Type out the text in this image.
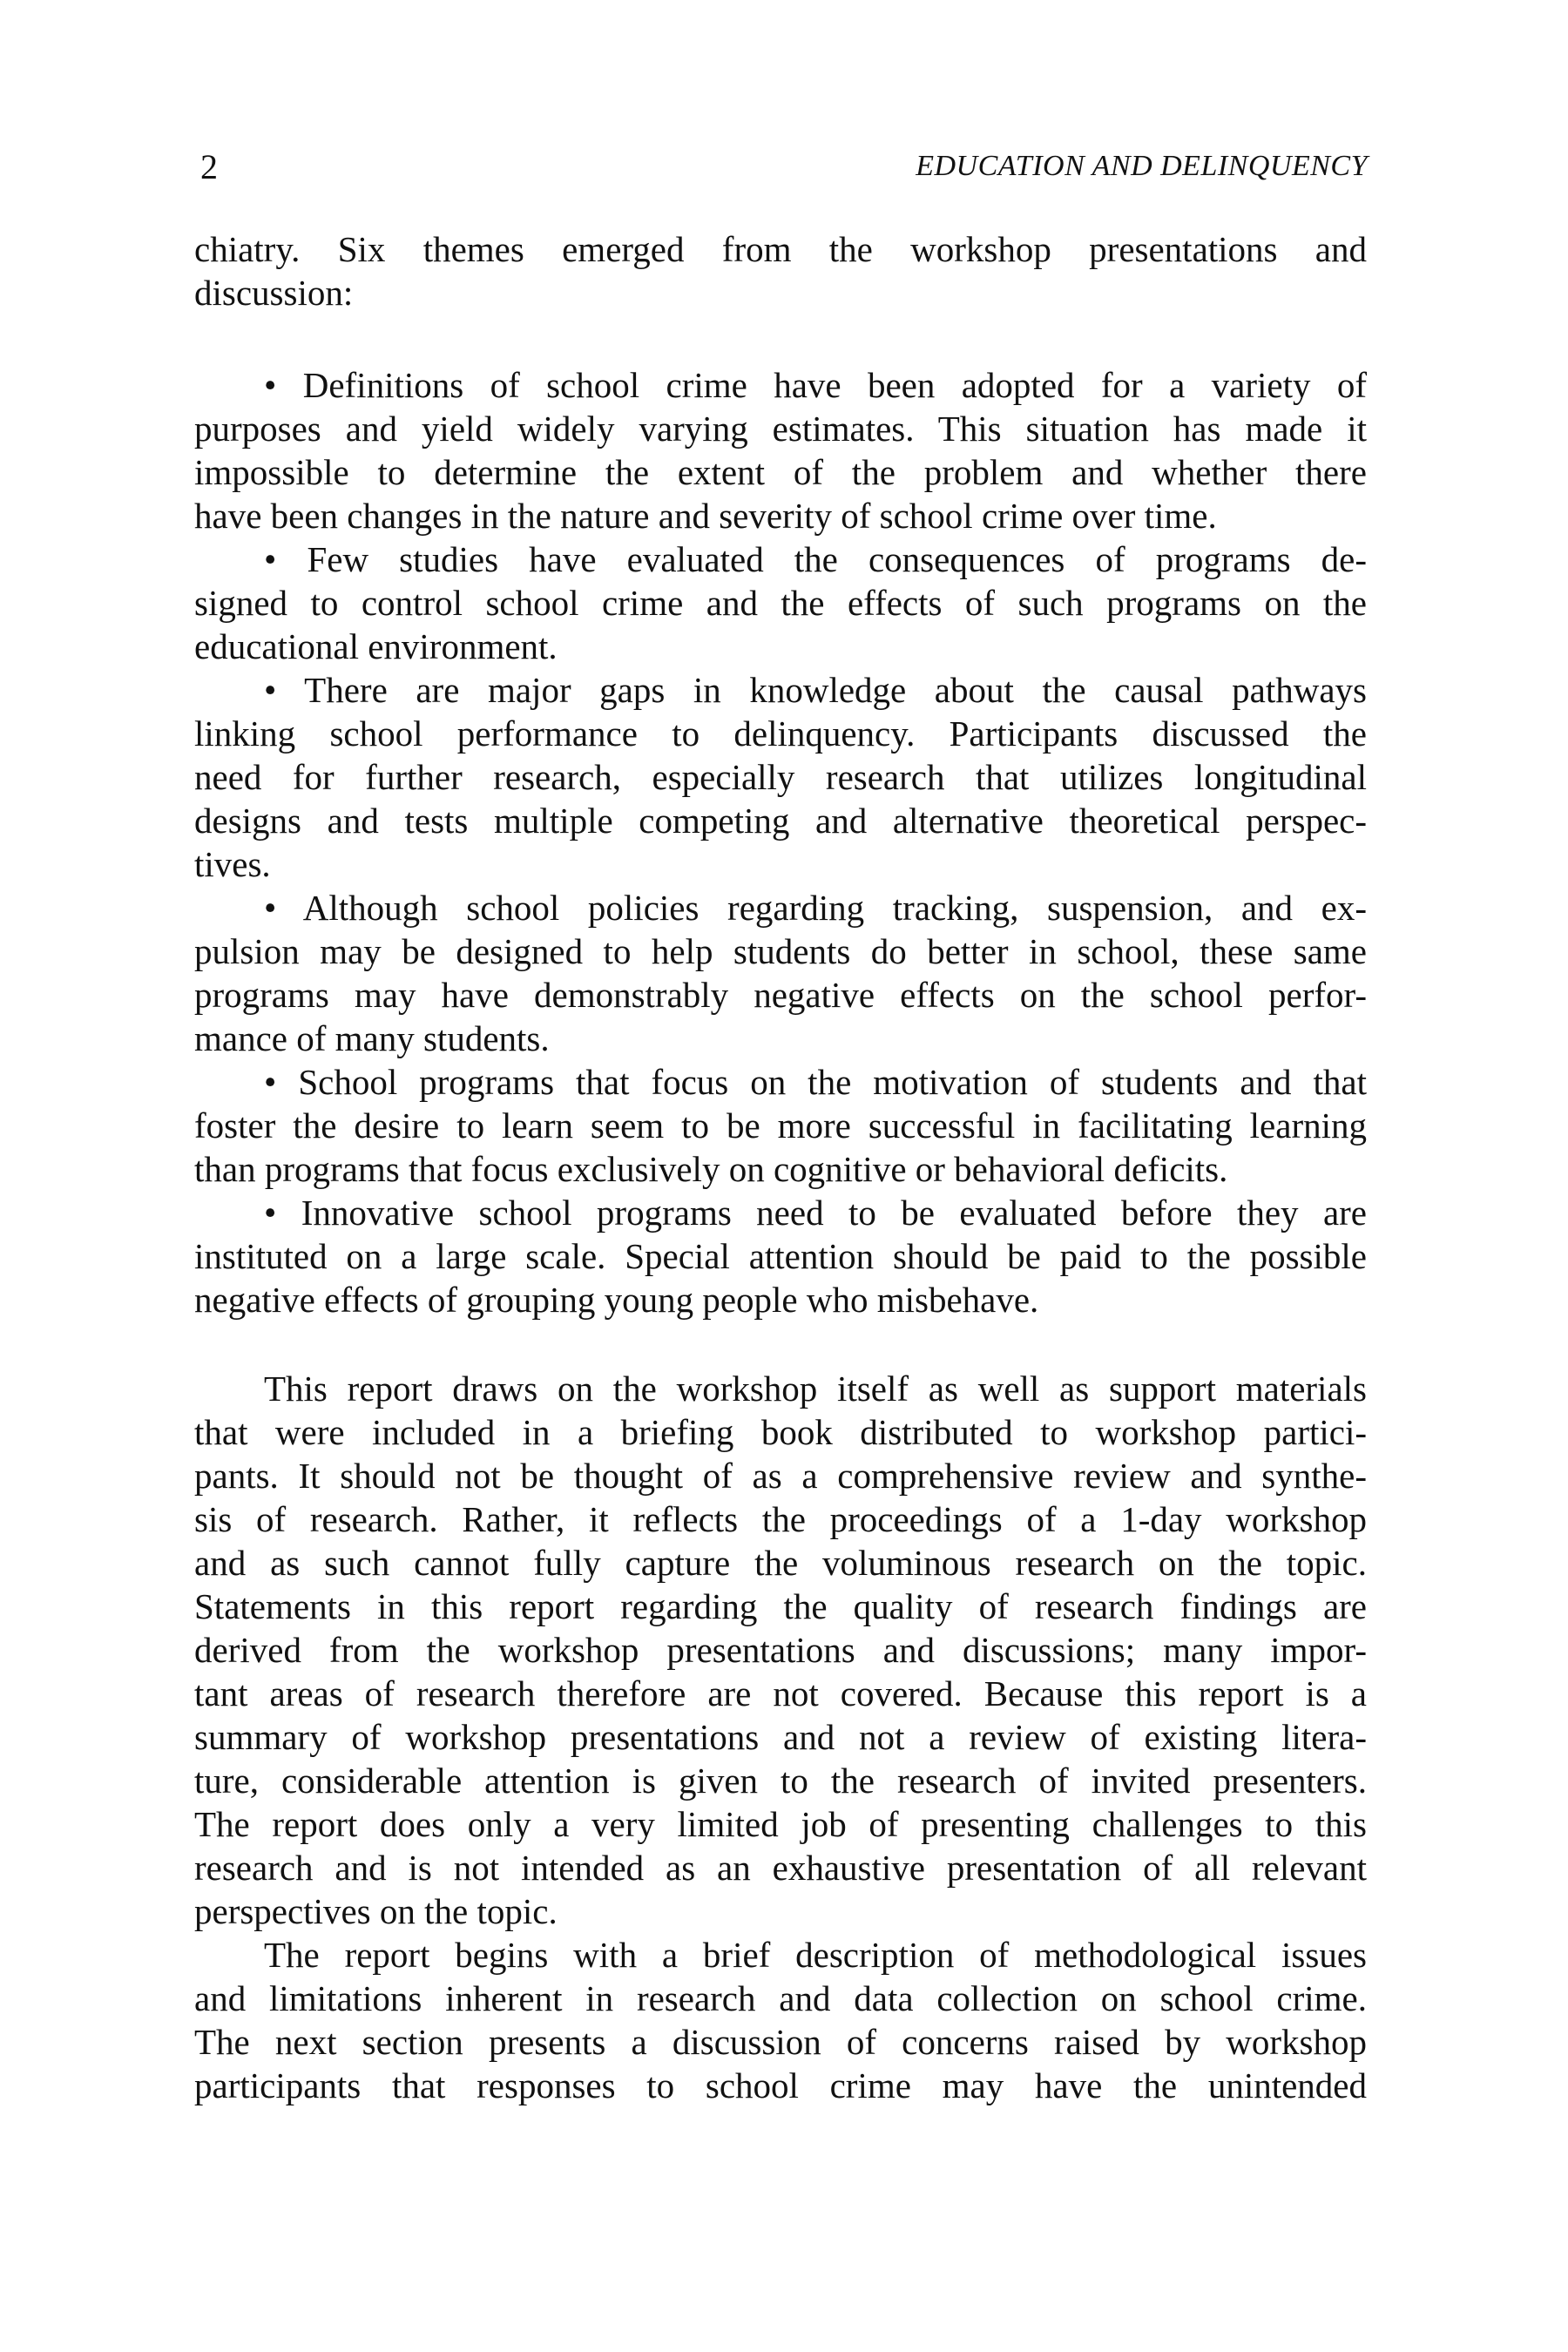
2	EDUCATION AND DELINQUENCY
chiatry. Six themes emerged from the workshop presentations and
discussion:
• Definitions of school crime have been adopted for a variety of
purposes and yield widely varying estimates. This situation has made it
impossible to determine the extent of the problem and whether there
have been changes in the nature and severity of school crime over time.
• Few studies have evaluated the consequences of programs de-
signed to control school crime and the effects of such programs on the
educational environment.
• There are major gaps in knowledge about the causal pathways
linking school performance to delinquency. Participants discussed the
need for further research, especially research that utilizes longitudinal
designs and tests multiple competing and alternative theoretical perspec-
tives.
• Although school policies regarding tracking, suspension, and ex-
pulsion may be designed to help students do better in school, these same
programs may have demonstrably negative effects on the school perfor-
mance of many students.
• School programs that focus on the motivation of students and that
foster the desire to learn seem to be more successful in facilitating learning
than programs that focus exclusively on cognitive or behavioral deficits.
• Innovative school programs need to be evaluated before they are
instituted on a large scale. Special attention should be paid to the possible
negative effects of grouping young people who misbehave.
This report draws on the workshop itself as well as support materials
that were included in a briefing book distributed to workshop partici-
pants. It should not be thought of as a comprehensive review and synthe-
sis of research. Rather, it reflects the proceedings of a 1-day workshop
and as such cannot fully capture the voluminous research on the topic.
Statements in this report regarding the quality of research findings are
derived from the workshop presentations and discussions; many impor-
tant areas of research therefore are not covered. Because this report is a
summary of workshop presentations and not a review of existing litera-
ture, considerable attention is given to the research of invited presenters.
The report does only a very limited job of presenting challenges to this
research and is not intended as an exhaustive presentation of all relevant
perspectives on the topic.
The report begins with a brief description of methodological issues
and limitations inherent in research and data collection on school crime.
The next section presents a discussion of concerns raised by workshop
participants that responses to school crime may have the unintended
